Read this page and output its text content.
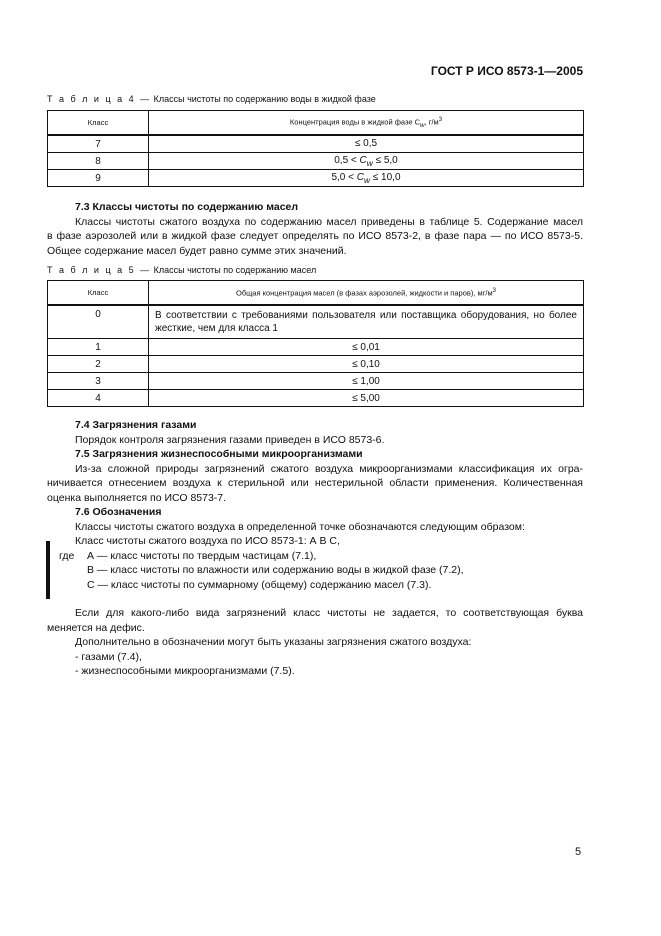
ГОСТ Р ИСО 8573-1—2005
Т а б л и ц а 4 — Классы чистоты по содержанию воды в жидкой фазе
Класс	Концентрация воды в жидкой фазе $C_w$, $г/м^3$
7	≤ 0,5
8	$0,5 < C_w \le 5,0$
9	$5,0 < C_w \le 10,0$
7.3 Классы чистоты по содержанию масел
Классы чистоты сжатого воздуха по содержанию масел приведены в таблице 5. Содержание масел
в фазе аэрозолей или в жидкой фазе следует определять по ИСО 8573-2, в фазе пара — по ИСО 8573-5.
Общее содержание масел будет равно сумме этих значений.
Т а б л и ц а 5 — Классы чистоты по содержанию масел
Класс	Общая концентрация масел (в фазах аэрозолей, жидкости и паров), $мг/м^3$
0	В соответствии с требованиями пользователя или поставщика оборудования, но более жесткие, чем для класса 1
1	≤ 0,01
2	≤ 0,10
3	≤ 1,00
4	≤ 5,00
7.4 Загрязнения газами
Порядок контроля загрязнения газами приведен в ИСО 8573-6.
7.5 Загрязнения жизнеспособными микроорганизмами
Из-за сложной природы загрязнений сжатого воздуха микроорганизмами классификация их огра-
ничивается отнесением воздуха к стерильной или нестерильной области применения. Количественная
оценка выполняется по ИСО 8573-7.
7.6 Обозначения
Классы чистоты сжатого воздуха в определенной точке обозначаются следующим образом:
Класс чистоты сжатого воздуха по ИСО 8573-1: А В С,
где А — класс чистоты по твердым частицам (7.1),
В — класс чистоты по влажности или содержанию воды в жидкой фазе (7.2),
С — класс чистоты по суммарному (общему) содержанию масел (7.3).
Если для какого-либо вида загрязнений класс чистоты не задается, то соответствующая буква
меняется на дефис.
Дополнительно в обозначении могут быть указаны загрязнения сжатого воздуха:
- газами (7.4),
- жизнеспособными микроорганизмами (7.5).
5
